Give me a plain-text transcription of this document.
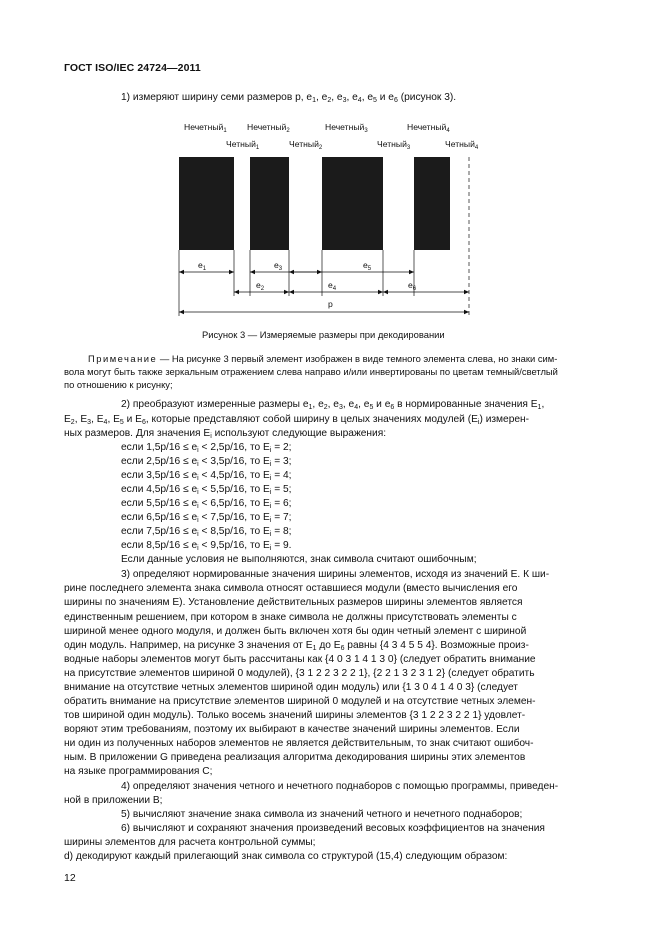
ГОСТ ISO/IEC 24724—2011
1) измеряют ширину семи размеров p, $e_1$, $e_2$, $e_3$, $e_4$, $e_5$ и $e_6$ (рисунок 3).
Нечетный$_1$ Нечетный$_2$	Нечетный$_3$	Нечетный$_4$
Четный$_1$	Четный$_2$	Четный$_3$	Четный$_4$
$e_1$	$e_3$	$e_5$
$e_2$	$e_4$	$e_6$
p
Рисунок 3 — Измеряемые размеры при декодировании
Примечание — На рисунке 3 первый элемент изображен в виде темного элемента слева, но знаки сим-
вола могут быть также зеркальным отражением слева направо и/или инвертированы по цветам темный/светлый
по отношению к рисунку;
2) преобразуют измеренные размеры $e_1$, $e_2$, $e_3$, $e_4$, $e_5$ и $e_6$ в нормированные значения $E_1$,
$E_2$, $E_3$, $E_4$, $E_5$ и $E_6$, которые представляют собой ширину в целых значениях модулей $(E_i)$ измерен-
ных размеров. Для значения $E_i$ используют следующие выражения:
если $1,5p/16 \le e_i < 2,5p/16$, то $E_i = 2$;
если $2,5p/16 \le e_i < 3,5p/16$, то $E_i = 3$;
если $3,5p/16 \le e_i < 4,5p/16$, то $E_i = 4$;
если $4,5p/16 \le e_i < 5,5p/16$, то $E_i = 5$;
если $5,5p/16 \le e_i < 6,5p/16$, то $E_i = 6$;
если $6,5p/16 \le e_i < 7,5p/16$, то $E_i = 7$;
если $7,5p/16 \le e_i < 8,5p/16$, то $E_i = 8$;
если $8,5p/16 \le e_i < 9,5p/16$, то $E_i = 9$.
Если данные условия не выполняются, знак символа считают ошибочным;
3) определяют нормированные значения ширины элементов, исходя из значений E. К ши-
рине последнего элемента знака символа относят оставшиеся модули (вместо вычисления его
ширины по значениям E). Установление действительных размеров ширины элементов является
единственным решением, при котором в знаке символа не должны присутствовать элементы с
шириной менее одного модуля, и должен быть включен хотя бы один четный элемент с шириной
один модуль. Например, на рисунке 3 значения от $E_1$ до $E_6$ равны {4 3 4 5 5 4}. Возможные произ-
водные наборы элементов могут быть рассчитаны как {4 0 3 1 4 1 3 0} (следует обратить внимание
на присутствие элементов шириной 0 модулей), {3 1 2 2 3 2 2 1}, {2 2 1 3 2 3 1 2} (следует обратить
внимание на отсутствие четных элементов шириной один модуль) или {1 3 0 4 1 4 0 3} (следует
обратить внимание на присутствие элементов шириной 0 модулей и на отсутствие четных элемен-
тов шириной один модуль). Только восемь значений ширины элементов {3 1 2 2 3 2 2 1} удовлет-
воряют этим требованиям, поэтому их выбирают в качестве значений ширины элементов. Если
ни один из полученных наборов элементов не является действительным, то знак считают ошибоч-
ным. В приложении G приведена реализация алгоритма декодирования ширины этих элементов
на языке программирования C;
4) определяют значения четного и нечетного поднаборов с помощью программы, приведен-
ной в приложении B;
5) вычисляют значение знака символа из значений четного и нечетного поднаборов;
6) вычисляют и сохраняют значения произведений весовых коэффициентов на значения
ширины элементов для расчета контрольной суммы;
d) декодируют каждый прилегающий знак символа со структурой (15,4) следующим образом:
12
